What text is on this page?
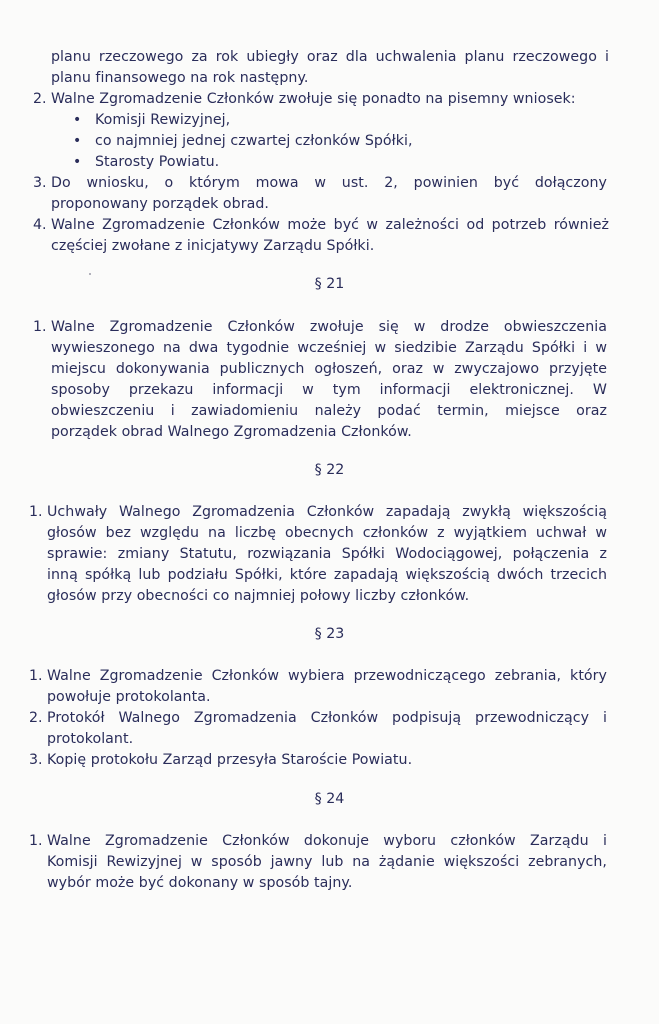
planu rzeczowego za rok ubiegły oraz dla uchwalenia planu rzeczowego i
planu finansowego na rok następny.
2. Walne Zgromadzenie Członków zwołuje się ponadto na pisemny wniosek:
• Komisji Rewizyjnej,
• co najmniej jednej czwartej członków Spółki,
• Starosty Powiatu.
3. Do wniosku, o którym mowa w ust. 2, powinien być dołączony
proponowany porządek obrad.
4. Walne Zgromadzenie Członków może być w zależności od potrzeb również
częściej zwołane z inicjatywy Zarządu Spółki.
§ 21
1. Walne Zgromadzenie Członków zwołuje się w drodze obwieszczenia
wywieszonego na dwa tygodnie wcześniej w siedzibie Zarządu Spółki i w
miejscu dokonywania publicznych ogłoszeń, oraz w zwyczajowo przyjęte
sposoby przekazu informacji w tym informacji elektronicznej. W
obwieszczeniu i zawiadomieniu należy podać termin, miejsce oraz
porządek obrad Walnego Zgromadzenia Członków.
§ 22
1. Uchwały Walnego Zgromadzenia Członków zapadają zwykłą większością
głosów bez względu na liczbę obecnych członków z wyjątkiem uchwał w
sprawie: zmiany Statutu, rozwiązania Spółki Wodociągowej, połączenia z
inną spółką lub podziału Spółki, które zapadają większością dwóch trzecich
głosów przy obecności co najmniej połowy liczby członków.
§ 23
1. Walne Zgromadzenie Członków wybiera przewodniczącego zebrania, który
powołuje protokolanta.
2. Protokół Walnego Zgromadzenia Członków podpisują przewodniczący i
protokolant.
3. Kopię protokołu Zarząd przesyła Staroście Powiatu.
§ 24
1. Walne Zgromadzenie Członków dokonuje wyboru członków Zarządu i
Komisji Rewizyjnej w sposób jawny lub na żądanie większości zebranych,
wybór może być dokonany w sposób tajny.
